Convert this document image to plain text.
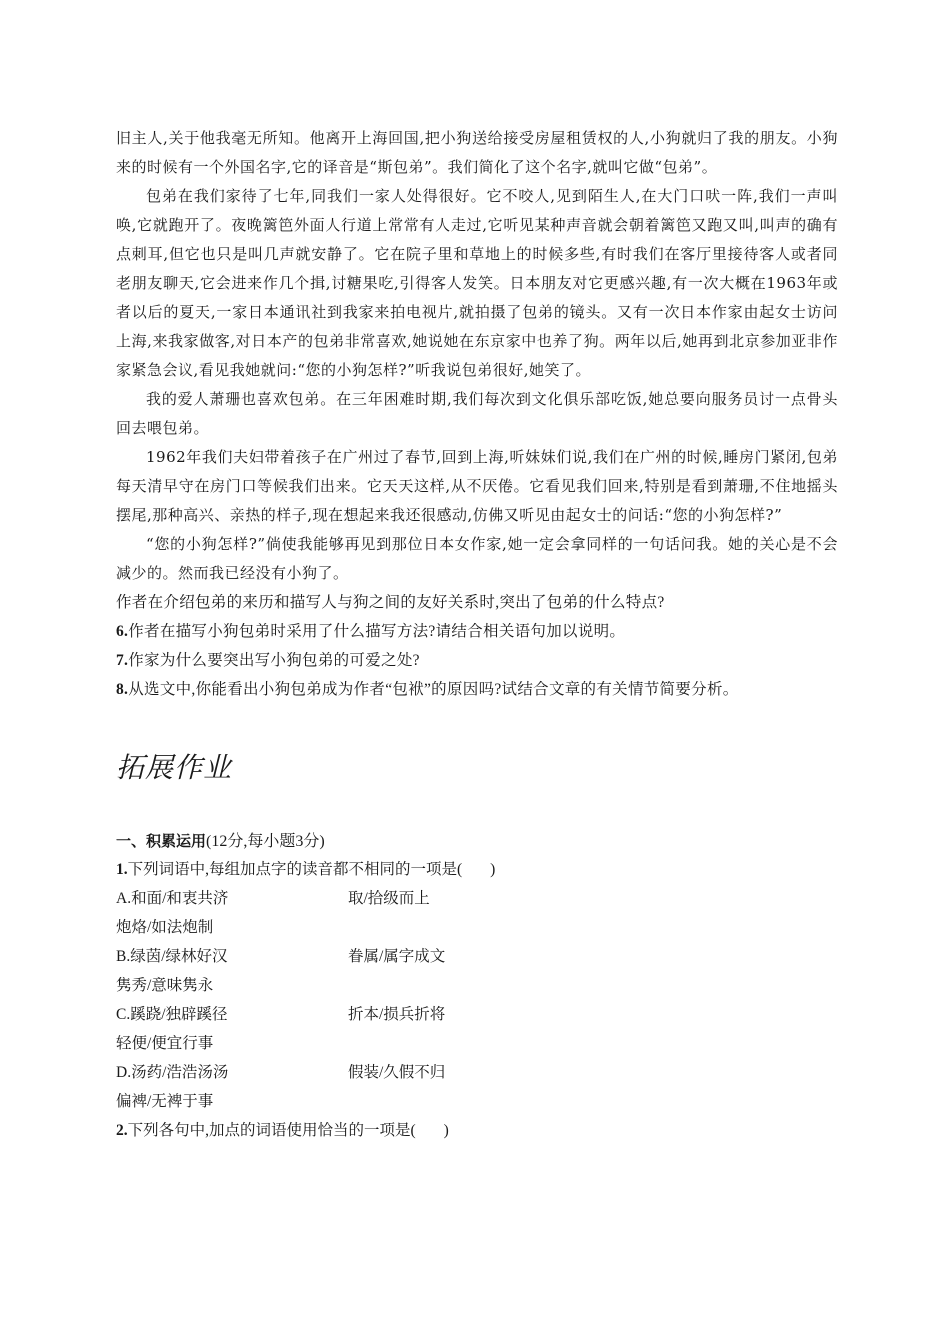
旧主人,关于他我毫无所知。他离开上海回国,把小狗送给接受房屋租赁权的人,小狗就归了我的朋友。小狗来的时候有一个外国名字,它的译音是“斯包弟”。我们简化了这个名字,就叫它做“包弟”。

包弟在我们家待了七年,同我们一家人处得很好。它不咬人,见到陌生人,在大门口吠一阵,我们一声叫唤,它就跑开了。夜晚篱笆外面人行道上常常有人走过,它听见某种声音就会朝着篱笆又跑又叫,叫声的确有点刺耳,但它也只是叫几声就安静了。它在院子里和草地上的时候多些,有时我们在客厅里接待客人或者同老朋友聊天,它会进来作几个揖,讨糖果吃,引得客人发笑。日本朋友对它更感兴趣,有一次大概在1963年或者以后的夏天,一家日本通讯社到我家来拍电视片,就拍摄了包弟的镜头。又有一次日本作家由起女士访问上海,来我家做客,对日本产的包弟非常喜欢,她说她在东京家中也养了狗。两年以后,她再到北京参加亚非作家紧急会议,看见我她就问:“您的小狗怎样?”听我说包弟很好,她笑了。

我的爱人萧珊也喜欢包弟。在三年困难时期,我们每次到文化俱乐部吃饭,她总要向服务员讨一点骨头回去喂包弟。

1962年我们夫妇带着孩子在广州过了春节,回到上海,听妹妹们说,我们在广州的时候,睡房门紧闭,包弟每天清早守在房门口等候我们出来。它天天这样,从不厌倦。它看见我们回来,特别是看到萧珊,不住地摇头摆尾,那种高兴、亲热的样子,现在想起来我还很感动,仿佛又听见由起女士的问话:“您的小狗怎样?”

“您的小狗怎样?”倘使我能够再见到那位日本女作家,她一定会拿同样的一句话问我。她的关心是不会减少的。然而我已经没有小狗了。

作者在介绍包弟的来历和描写人与狗之间的友好关系时,突出了包弟的什么特点?

6.作者在描写小狗包弟时采用了什么描写方法?请结合相关语句加以说明。

7.作家为什么要突出写小狗包弟的可爱之处?

8.从选文中,你能看出小狗包弟成为作者“包袱”的原因吗?试结合文章的有关情节简要分析。

拓展作业
一、积累运用(12分,每小题3分)
1.下列词语中,每组加点字的读音都不相同的一项是( )
A.和面/和衷共济	取/拾级而上
炮烙/如法炮制
B.绿茵/绿林好汉	眷属/属字成文
隽秀/意味隽永
C.蹊跷/独辟蹊径	折本/损兵折将
轻便/便宜行事
D.汤药/浩浩汤汤	假装/久假不归
偏裨/无裨于事
2.下列各句中,加点的词语使用恰当的一项是( )
